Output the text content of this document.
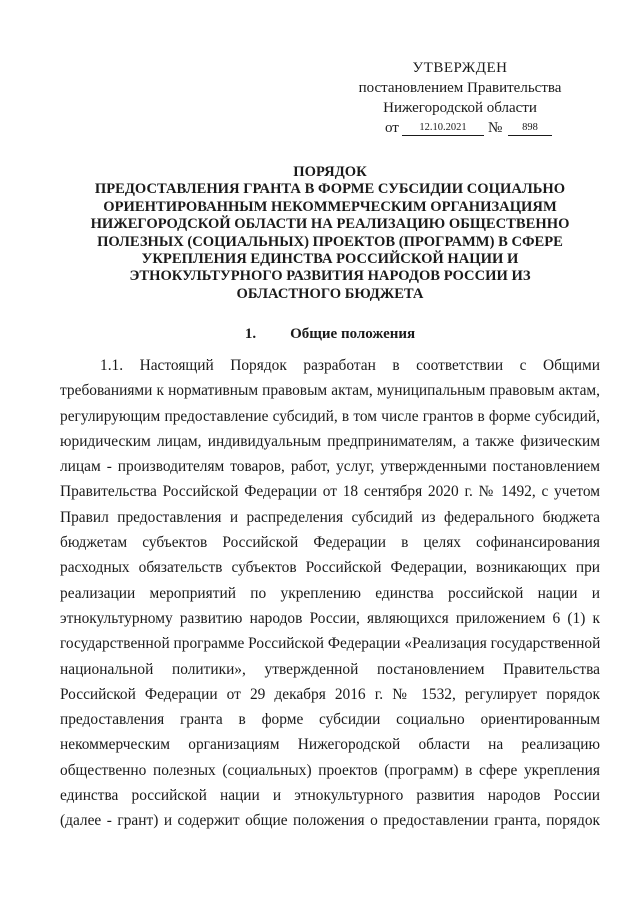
УТВЕРЖДЕН
постановлением Правительства
Нижегородской области
от	12.10.2021	№	898
ПОРЯДОК
ПРЕДОСТАВЛЕНИЯ ГРАНТА В ФОРМЕ СУБСИДИИ СОЦИАЛЬНО
ОРИЕНТИРОВАННЫМ НЕКОММЕРЧЕСКИМ ОРГАНИЗАЦИЯМ
НИЖЕГОРОДСКОЙ ОБЛАСТИ НА РЕАЛИЗАЦИЮ ОБЩЕСТВЕННО
ПОЛЕЗНЫХ (СОЦИАЛЬНЫХ) ПРОЕКТОВ (ПРОГРАММ) В СФЕРЕ
УКРЕПЛЕНИЯ ЕДИНСТВА РОССИЙСКОЙ НАЦИИ И
ЭТНОКУЛЬТУРНОГО РАЗВИТИЯ НАРОДОВ РОССИИ ИЗ
ОБЛАСТНОГО БЮДЖЕТА
1. Общие положения
1.1. Настоящий Порядок разработан в соответствии с Общими
требованиями к нормативным правовым актам, муниципальным правовым актам,
регулирующим предоставление субсидий, в том числе грантов в форме субсидий,
юридическим лицам, индивидуальным предпринимателям, а также физическим
лицам - производителям товаров, работ, услуг, утвержденными постановлением
Правительства Российской Федерации от 18 сентября 2020 г. № 1492, с учетом
Правил предоставления и распределения субсидий из федерального бюджета
бюджетам субъектов Российской Федерации в целях софинансирования
расходных обязательств субъектов Российской Федерации, возникающих при
реализации мероприятий по укреплению единства российской нации и
этнокультурному развитию народов России, являющихся приложением 6 (1) к
государственной программе Российской Федерации «Реализация государственной
национальной политики», утвержденной постановлением Правительства
Российской Федерации от 29 декабря 2016 г. № 1532, регулирует порядок
предоставления гранта в форме субсидии социально ориентированным
некоммерческим организациям Нижегородской области на реализацию
общественно полезных (социальных) проектов (программ) в сфере укрепления
единства российской нации и этнокультурного развития народов России
(далее - грант) и содержит общие положения о предоставлении гранта, порядок
